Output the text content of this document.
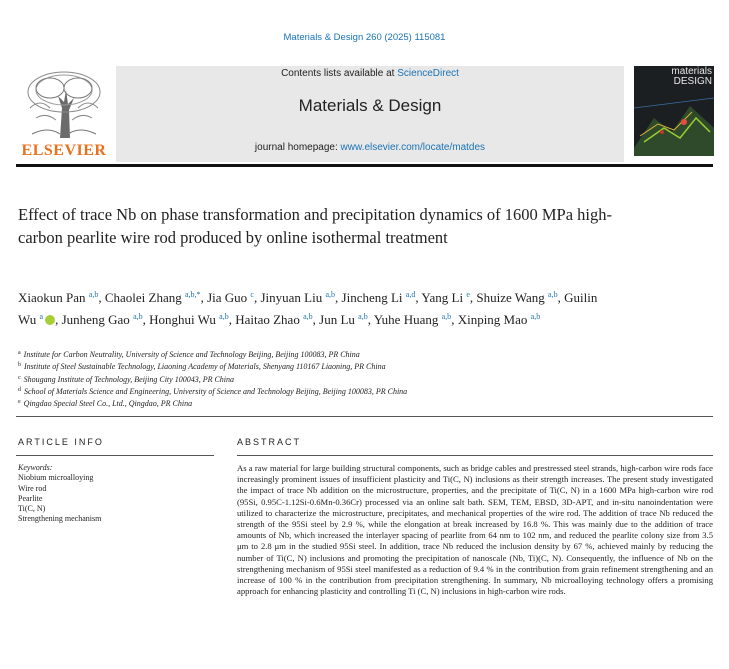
Materials & Design 260 (2025) 115081
ELSEVIER
Contents lists available at ScienceDirect
Materials & Design
journal homepage: www.elsevier.com/locate/matdes
materials DESIGN
Effect of trace Nb on phase transformation and precipitation dynamics of 1600 MPa high-carbon pearlite wire rod produced by online isothermal treatment
Xiaokun Pan $^{a,b}$, Chaolei Zhang $^{a,b,*}$, Jia Guo $^c$, Jinyuan Liu $^{a,b}$, Jincheng Li $^{a,d}$, Yang Li $^e$, Shuize Wang $^{a,b}$, Guilin Wu $^a$ , Junheng Gao $^{a,b}$, Honghui Wu $^{a,b}$, Haitao Zhao $^{a,b}$, Jun Lu $^{a,b}$, Yuhe Huang $^{a,b}$, Xinping Mao $^{a,b}$
$^a$ Institute for Carbon Neutrality, University of Science and Technology Beijing, Beijing 100083, PR China
$^b$ Institute of Steel Sustainable Technology, Liaoning Academy of Materials, Shenyang 110167 Liaoning, PR China
$^c$ Shougang Institute of Technology, Beijing City 100043, PR China
$^d$ School of Materials Science and Engineering, University of Science and Technology Beijing, Beijing 100083, PR China
$^e$ Qingdao Special Steel Co., Ltd., Qingdao, PR China
ARTICLE INFO	ABSTRACT
Keywords:
Niobium microalloying
Wire rod
Pearlite
Ti(C, N)
Strengthening mechanism
As a raw material for large building structural components, such as bridge cables and prestressed steel strands, high-carbon wire rods face increasingly prominent issues of insufficient plasticity and Ti(C, N) inclusions as their strength increases. The present study investigated the impact of trace Nb addition on the microstructure, properties, and the precipitate of Ti(C, N) in a 1600 MPa high-carbon wire rod (95Si, 0.95C-1.12Si-0.6Mn-0.36Cr) processed via an online salt bath. SEM, TEM, EBSD, 3D-APT, and in-situ nanoindentation were utilized to characterize the microstructure, precipitates, and mechanical properties of the wire rod. The addition of trace Nb reduced the strength of the 95Si steel by 2.9 %, while the elongation at break increased by 16.8 %. This was mainly due to the addition of trace amounts of Nb, which increased the interlayer spacing of pearlite from 64 nm to 102 nm, and reduced the pearlite colony size from 3.5 μm to 2.8 μm in the studied 95Si steel. In addition, trace Nb reduced the inclusion density by 67 %, achieved mainly by reducing the number of Ti(C, N) inclusions and promoting the precipitation of nanoscale (Nb, Ti)(C, N). Consequently, the influence of Nb on the strengthening mechanism of 95Si steel manifested as a reduction of 9.4 % in the contribution from grain refinement strengthening and an increase of 100 % in the contribution from precipitation strengthening. In summary, Nb microalloying technology offers a promising approach for enhancing plasticity and controlling Ti (C, N) inclusions in high-carbon wire rods.
